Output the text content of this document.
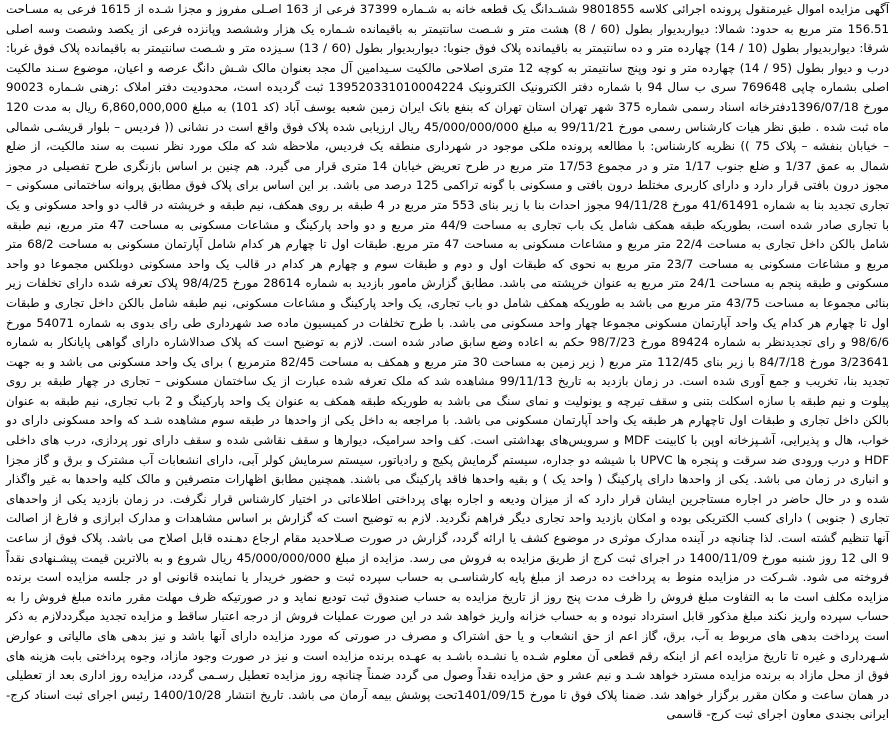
آگهی مزایده اموال غیرمنقول پرونده اجرائی کلاسه 9801855 ششـدانگ یک قطعه خانه به شـماره 37399 فرعی از 163 اصـلی مفروز و مجزا شـده از 1615 فرعی به مسـاحت 156.51 متر مربع به حدود: شمالا: دیواربدیوار بطول (60 / 8) هشت متر و شـصت سانتیمتر به باقیمانده شـماره یک هزار وششصد وپانزده فرعی از یکصد وشصت وسه اصلی شرقا: دیواربدیوار بطول (10 / 14) چهارده متر و ده سانتیمتر به باقیمانده پلاک فوق جنوبا: دیواربدیوار بطول (60 / 13) سـیزده متر و شـصت سانتیمتر به باقیمانده پلاک فوق غربا: درب و دیوار بطول (95 / 14) چهارده متر و نود وپنج سانتیمتر به کوچه 12 متری اصلاحی مالکیت سـیدامین آل مجد بعنوان مالک شـش دانگ عرصه و اعیان، موضوع سـند مالکیت اصلی بشماره چاپی 769648 سری ب سال 94 با شماره دفتر الکترونیک الکترونیک 139520331010004224 ثبت گردیده است، محدودیت دفتر املاک :رهنی شـماره 90023 مورخ 1396/07/18دفترخانه اسناد رسمی شماره 375 شهر تهران استان تهران که بنفع بانک ایران زمین شعبه یوسف آباد (کد 101) به مبلغ 6,860,000,000 ریال به مدت 120 ماه ثبت شده . طبق نظر هیات کارشناس رسمی مورخ 99/11/21 به مبلغ 45/000/000/000 ریال ارزیابی شده پلاک فوق واقع است در نشانی (( فردیس – بلوار قریشـی شمالی – خیابان بنفشه – پلاک 75 )) نظریه کارشناس: با مطالعه پرونده ملکی موجود در شهرداری منطقه یک فردیس، ملاحظه شد که ملک مورد نظر نسبت به سند مالکیت، از ضلع شمال به عمق 1/37 و ضلع جنوب 1/17 متر و در مجموع 17/53 متر مربع در طرح تعریض خیابان 14 متری قرار می گیرد. هم چنین بر اساس بازنگری طرح تفصیلی در مجوز مجوز درون بافتی قرار دارد و دارای کاربری مختلط درون بافتی و مسکونی با گونه تراکمی 125 درصد می باشد. بر این اساس برای پلاک فوق مطابق پروانه ساختمانی مسکونی – تجاری تجدید بنا به شماره 41/61491 مورخ 94/11/28 مجوز احداث بنا با زیر بنای 553 متر مربع در 4 طبقه بر روی همکف، نیم طبقه و خرپشته در قالب دو واحد مسکونی و یک با تجاری صادر شده است، بطوریکه طبقه همکف شامل یک باب تجاری به مساحت 44/9 متر مربع و دو واحد پارکینگ و مشاعات مسکونی به مساحت 47 متر مربع، نیم طبقه شامل بالکن داخل تجاری به مساحت 22/4 متر مربع و مشاعات مسکونی به مساحت 47 متر مربع. طبقات اول تا چهارم هر کدام شامل آپارتمان مسکونی به مساحت 68/2 متر مربع و مشاعات مسکونی به مساحت 23/7 متر مربع به نحوی که طبقات اول و دوم و طبقات سوم و چهارم هر کدام در قالب یک واحد مسکونی دوبلکس مجموعا دو واحد مسکونی و طبقه پنجم به مساحت 24/1 متر مربع به عنوان خرپشته می باشد. مطابق گزارش مامور بازدید به شماره 28614 مورخ 98/4/25 پلاک تعرفه شده دارای تخلفات زیر بنائی مجموعا به مساحت 43/75 متر مربع می باشد به طوریکه همکف شامل دو باب تجاری، یک واحد پارکینگ و مشاعات مسکونی، نیم طبقه شامل بالکن داخل تجاری و طبقات اول تا چهارم هر کدام یک واحد آپارتمان مسکونی مجموعا چهار واحد مسکونی می باشد. با طرح تخلفات در کمیسیون ماده صد شهرداری طی رای بدوی به شماره 54071 مورخ 98/6/6 و رای تجدیدنظر به شماره 89424 مورخ 98/7/23 حکم به اعاده وضع سابق صادر شده است. لازم به توضیح است که پلاک صدالاشاره دارای گواهی پایانکار به شماره 3/23641 مورخ 84/7/18 با زیر بنای 112/45 متر مربع ( زیر زمین به مساحت 30 متر مربع و همکف به مساحت 82/45 مترمربع ) برای یک واحد مسکونی می باشد و به جهت تجدید بنا، تخریب و جمع آوری شده است. در زمان بازدید به تاریخ 99/11/13 مشاهده شد که ملک تعرفه شده عبارت از یک ساختمان مسکونی – تجاری در چهار طبقه بر روی پیلوت و نیم طبقه با سازه اسکلت بتنی و سقف تیرچه و یونولیت و نمای سنگ می باشد به طوریکه طبقه همکف به عنوان یک واحد پارکینگ و 2 باب تجاری، نیم طبقه به عنوان بالکن داخل تجاری و طبقات اول تاچهارم هر طبقه یک واحد آپارتمان مسکونی می باشد. با مراجعه به داخل یکی از واحدها در طبقه سوم مشاهده شـد که واحد مسکونی دارای دو خواب، هال و پذیرایی، آشـپزخانه اوپن با کابینت MDF و سرویس‌های بهداشتی است. کف واحد سرامیک، دیوارها و سقف نقاشی شده و سقف دارای نور پردازی، درب های داخلی HDF و درب ورودی ضد سرقت و پنجره ها UPVC با شیشه دو جداره، سیستم گرمایش پکیج و رادیاتور، سیستم سرمایش کولر آبی، دارای انشعابات آب مشترک و برق و گاز مجزا و انباری در زمان می باشد. یکی از واحدها دارای پارکینگ ( واحد یک ) و بقیه واحدها فاقد پارکینگ می باشند. همچنین مطابق اظهارات متصرفین و مالک کلیه واحدها به غیر واگذار شده و در حال حاضر در اجاره مستاجرین ایشان قرار دارد که از میزان ودیعه و اجاره بهای پرداختی اطلاعاتی در اختیار کارشناس قرار نگرفت. در زمان بازدید یکی از واحدهای تجاری ( جنوبی ) دارای کسب الکتریکی بوده و امکان بازدید واحد تجاری دیگر فراهم نگردید. لازم به توضیح است که گزارش بر اساس مشاهدات و مدارک ابرازی و فارغ از اصالت آنها تنظیم گشته است. لذا چنانچه در آینده مدارک موثری در موضوع کشف یا ارائه گردد، گزارش در صورت صـلاحدید مقام ارجاع دهـنده قابل اصلاح می باشد. پلاک فوق از ساعت 9 الی 12 روز شنبه مورخ 1400/11/09 در اجرای ثبت کرج از طریق مزایده به فروش می رسد. مزایده از مبلغ 45/000/000/000 ریال شروع و به بالاترین قیمت پیشـنهادی نقداً فروخته می شود. شـرکت در مزایده منوط به پرداخت ده درصد از مبلغ پایه کارشناسـی به حساب سپرده ثبت و حضور خریدار یا نماینده قانونی او در جلسه مزایده است برنده مزایده مکلف است ما به التفاوت مبلغ فروش را ظرف مدت پنج روز از تاریخ مزایده به حساب صندوق ثبت تودیع نماید و در صورتیکه ظرف مهلت مقرر مانده مبلغ فروش را به حساب سپرده واریز نکند مبلغ مذکور قابل استرداد نبوده و به حساب خزانه واریز خواهد شد در این صورت عملیات فروش از درجه اعتبار ساقط و مزایده تجدید میگرددلازم به ذکر است پرداخت بدهی های مربوط به آب، برق، گاز اعم از حق انشعاب و یا حق اشتراک و مصرف در صورتی که مورد مزایده دارای آنها باشد و نیز بدهی های مالیاتی و عوارض شـهرداری و غیره تا تاریخ مزایده اعم از اینکه رقم قطعی آن معلوم شـده یا نشـده باشـد به عهـده برنده مزایده است و نیز در صورت وجود مازاد، وجوه پرداختی بابت هزینه های فوق از محل مازاد به برنده مزایده مسترد خواهد شـد و نیم عشر و حق مزایده نقداً وصول می گردد ضمناً چنانچه روز مزایده تعطیل رسـمی گردد، مزایده روز اداری بعد از تعطیلی در همان ساعت و مکان مقرر برگزار خواهد شد. ضمنا پلاک فوق تا مورخ 1401/09/15تحت پوشش بیمه آرمان می باشد. تاریخ انتشار 1400/10/28 رئیس اجرای ثبت اسناد کرج-ایرانی بجندی معاون اجرای ثبت کرج- قاسمی
